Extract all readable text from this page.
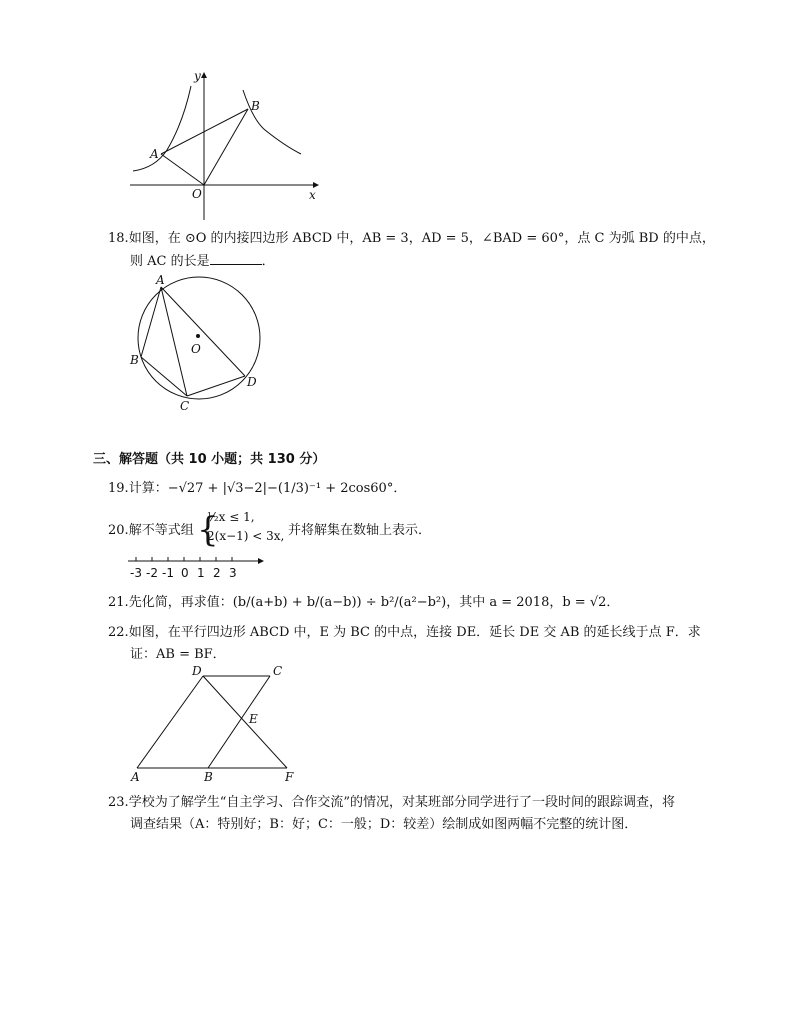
y
x
A
B
O
18.如图，在 ⊙O 的内接四边形 ABCD 中，AB = 3，AD = 5，∠BAD = 60°，点 C 为弧 BD 的中点，
则 AC 的长是	．
A
B
C
D
O
三、解答题（共 10 小题；共 130 分）
19.计算：−√27 + |√3−2|−(1/3)⁻¹ + 2cos60°．
20.解不等式组 {
½x ≤ 1,
2(x−1) < 3x, 并将解集在数轴上表示．
-3 -2 -1 0 1 2 3
21.先化简，再求值：(b/(a+b) + b/(a−b)) ÷ b²/(a²−b²)，其中 a = 2018，b = √2．
22.如图，在平行四边形 ABCD 中，E 为 BC 的中点，连接 DE．延长 DE 交 AB 的延长线于点 F．求
证：AB = BF．
D	C
E
A	B	F
23.学校为了解学生“自主学习、合作交流”的情况，对某班部分同学进行了一段时间的跟踪调查，将
调查结果（A：特别好；B：好；C：一般；D：较差）绘制成如图两幅不完整的统计图．
